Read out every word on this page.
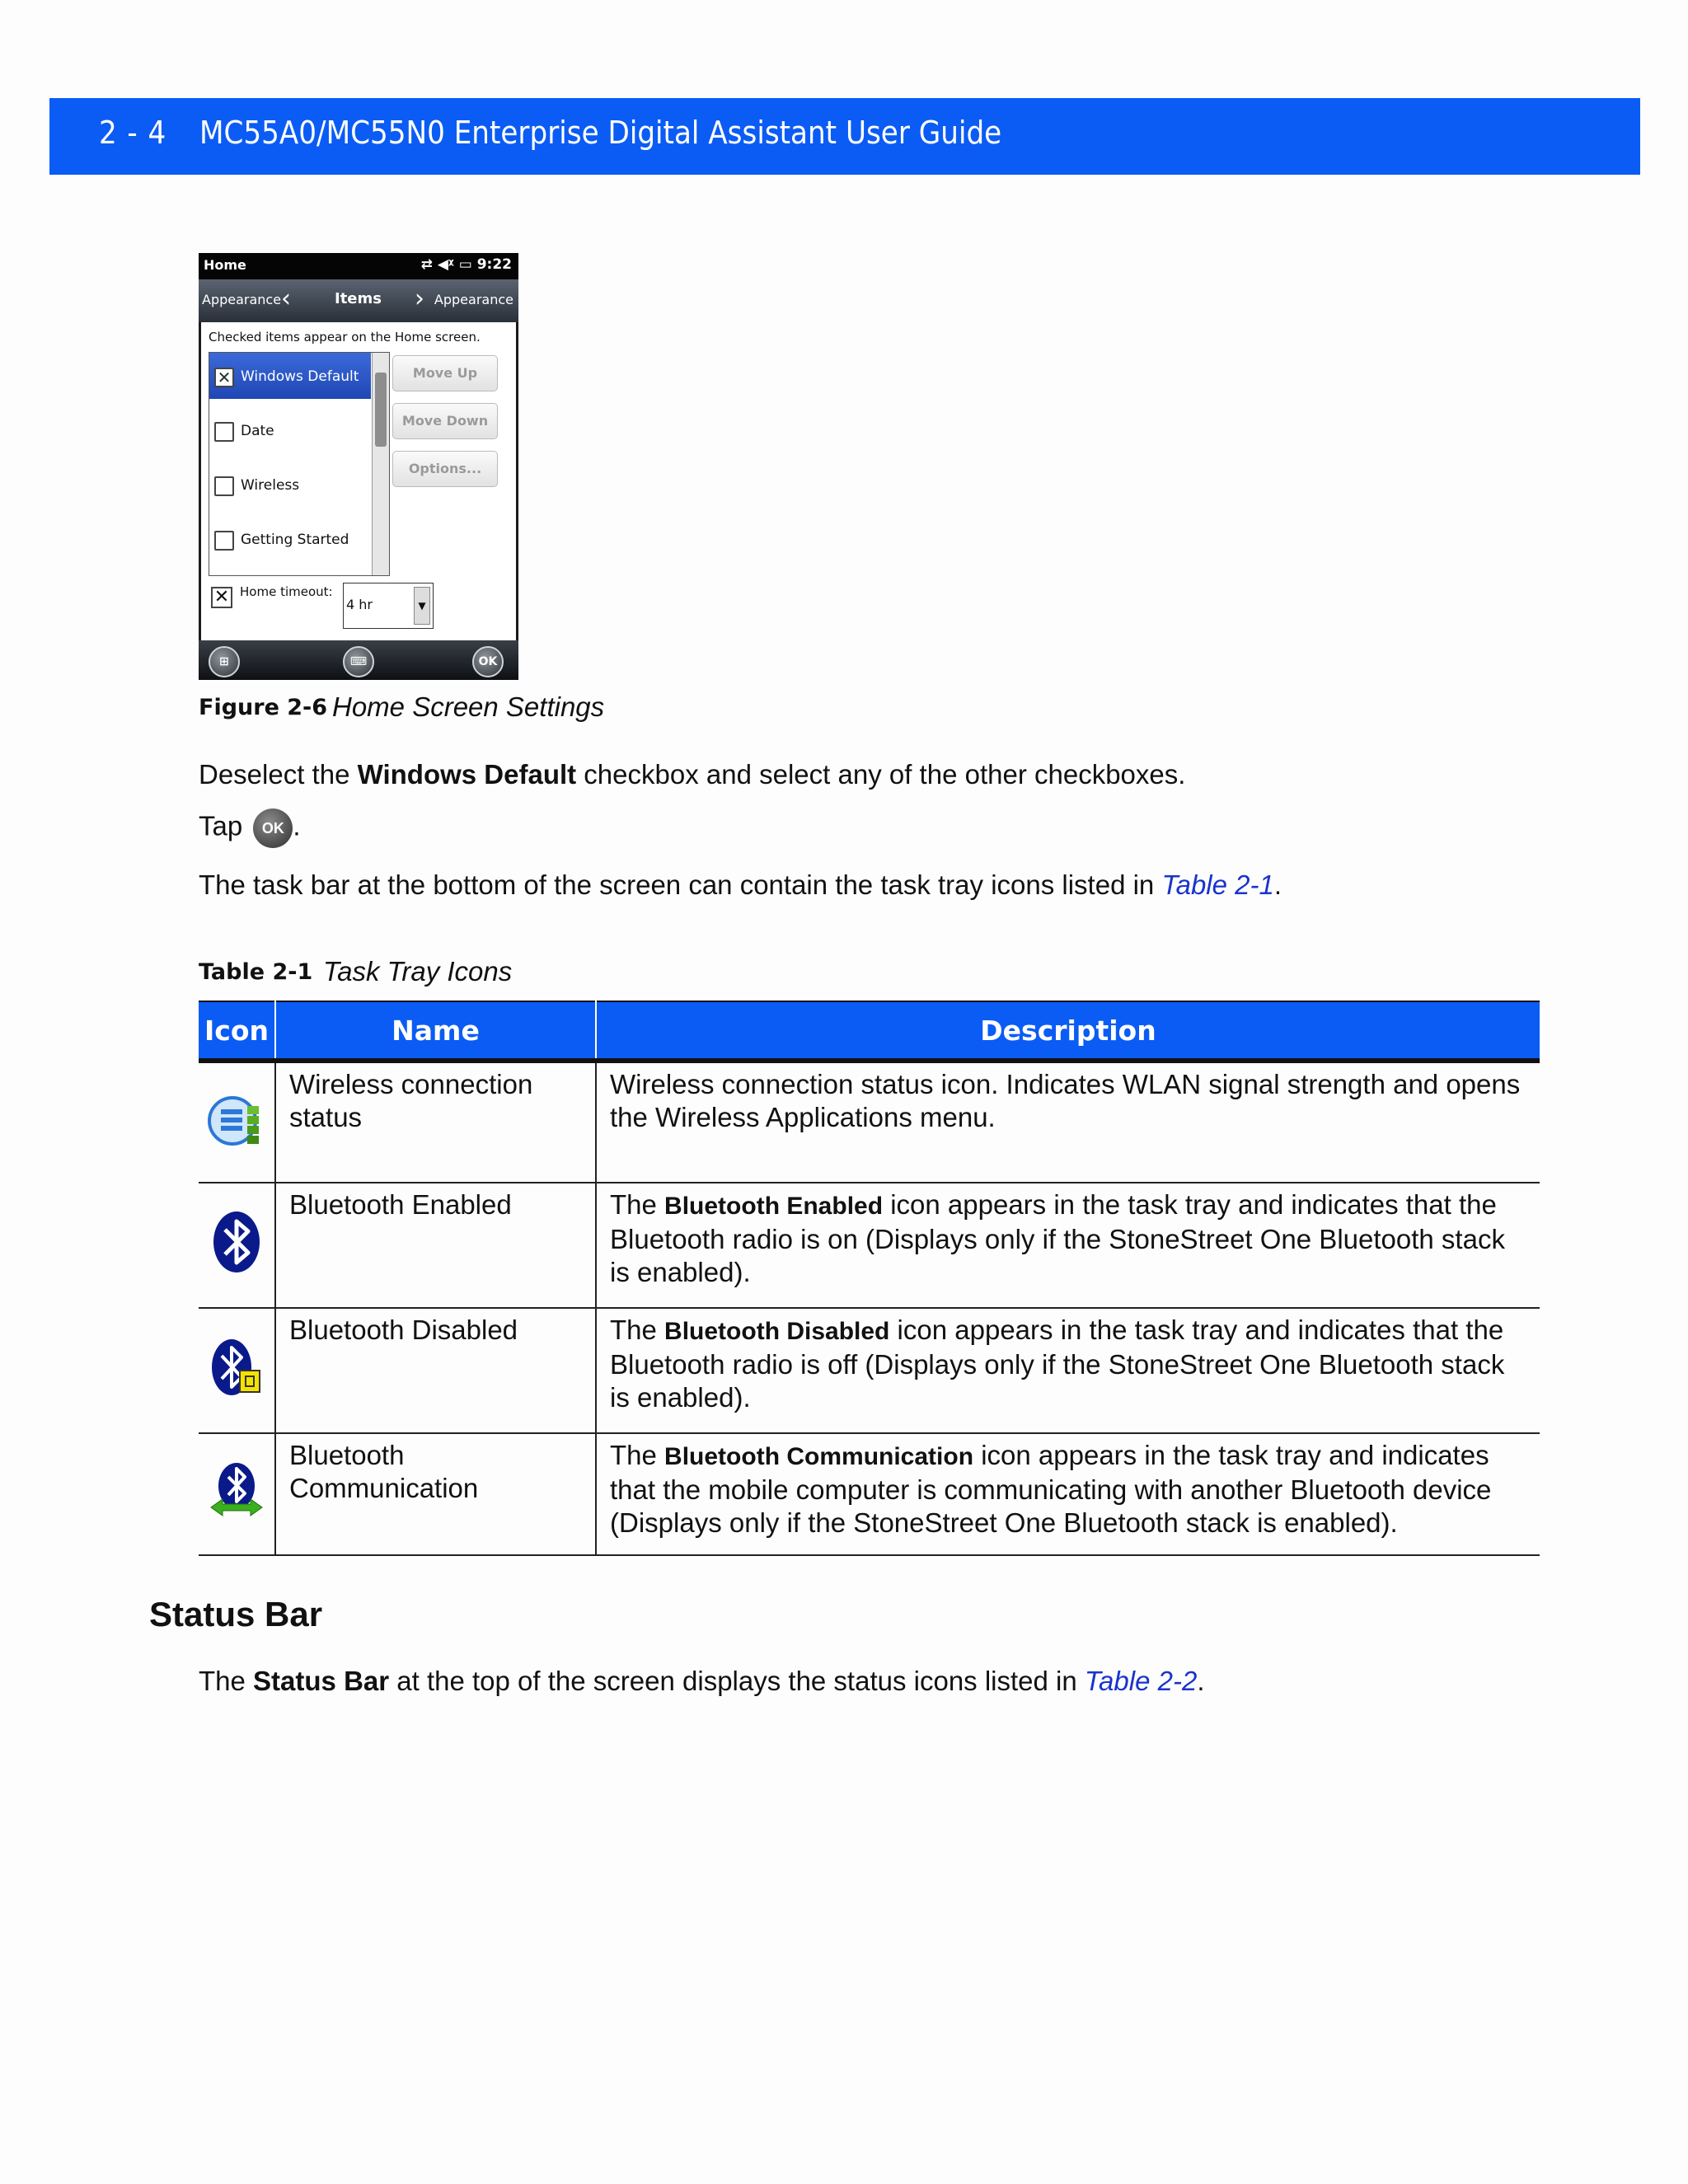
2 - 4 MC55A0/MC55N0 Enterprise Digital Assistant User Guide
Home	⇄ ◀ᵡ ▭ 9:22
Appearance ‹	Items › Appearance
Checked items appear on the Home screen.
✕ Windows Default
Date
Wireless
Getting Started
Move Up
Move Down
Options...
✕ Home timeout:
4 hr	▼
⊞	⌨	OK
Figure 2-6 Home Screen Settings
Deselect the Windows Default checkbox and select any of the other checkboxes.
Tap OK .
The task bar at the bottom of the screen can contain the task tray icons listed in Table 2-1.
Table 2-1 Task Tray Icons
Icon	Name	Description
	Wireless connection status	Wireless connection status icon. Indicates WLAN signal strength and opens the Wireless Applications menu.
	Bluetooth Enabled	The Bluetooth Enabled icon appears in the task tray and indicates that the Bluetooth radio is on (Displays only if the StoneStreet One Bluetooth stack is enabled).
	Bluetooth Disabled	The Bluetooth Disabled icon appears in the task tray and indicates that the Bluetooth radio is off (Displays only if the StoneStreet One Bluetooth stack is enabled).
	Bluetooth Communication	The Bluetooth Communication icon appears in the task tray and indicates that the mobile computer is communicating with another Bluetooth device (Displays only if the StoneStreet One Bluetooth stack is enabled).
Status Bar
The Status Bar at the top of the screen displays the status icons listed in Table 2-2.
